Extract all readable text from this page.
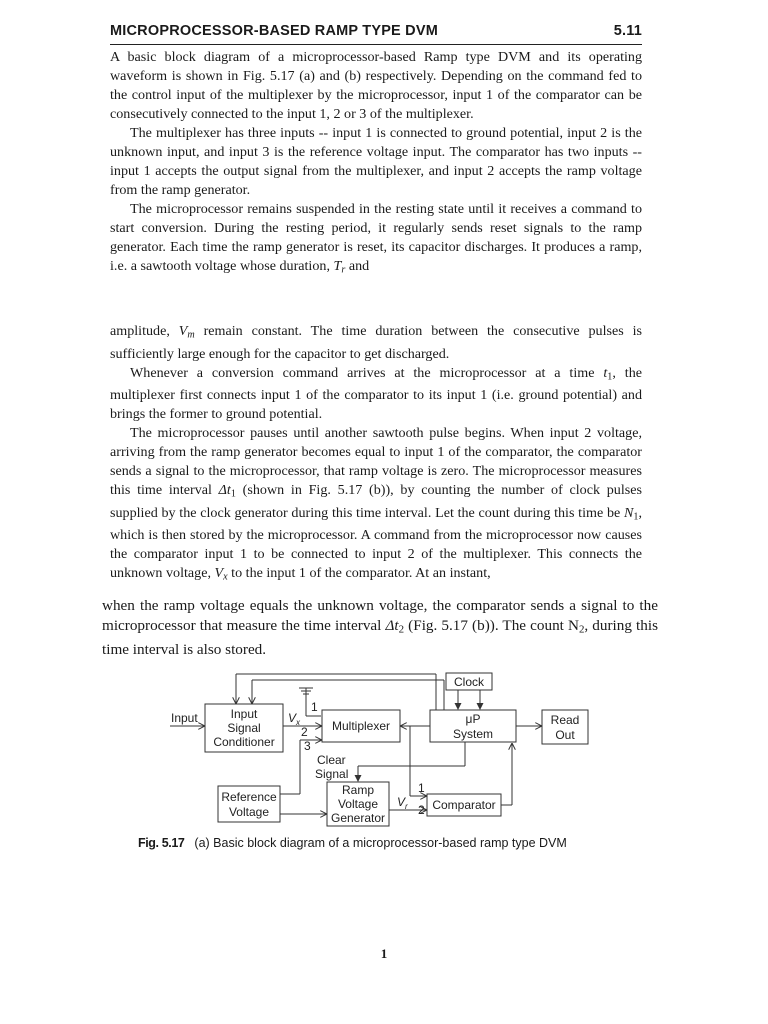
MICROPROCESSOR-BASED RAMP TYPE DVM	5.11

A basic block diagram of a microprocessor-based Ramp type DVM and its operating waveform is shown in Fig. 5.17 (a) and (b) respectively. Depending on the command fed to the control input of the multiplexer by the microprocessor, input 1 of the comparator can be consecutively connected to the input 1, 2 or 3 of the multiplexer.

The multiplexer has three inputs -- input 1 is connected to ground potential, input 2 is the unknown input, and input 3 is the reference voltage input. The comparator has two inputs -- input 1 accepts the output signal from the multiplexer, and input 2 accepts the ramp voltage from the ramp generator.

The microprocessor remains suspended in the resting state until it receives a command to start conversion. During the resting period, it regularly sends reset signals to the ramp generator. Each time the ramp generator is reset, its capacitor discharges. It produces a ramp, i.e. a sawtooth voltage whose duration, $T_r$ and

amplitude, $V_m$ remain constant. The time duration between the consecutive pulses is sufficiently large enough for the capacitor to get discharged.

Whenever a conversion command arrives at the microprocessor at a time $t_1$, the multiplexer first connects input 1 of the comparator to its input 1 (i.e. ground potential) and brings the former to ground potential.

The microprocessor pauses until another sawtooth pulse begins. When input 2 voltage, arriving from the ramp generator becomes equal to input 1 of the comparator, the comparator sends a signal to the microprocessor, that ramp voltage is zero. The microprocessor measures this time interval $\Delta t_1$ (shown in Fig. 5.17 (b)), by counting the number of clock pulses supplied by the clock generator during this time interval. Let the count during this time be $N_1$, which is then stored by the microprocessor. A command from the microprocessor now causes the comparator input 1 to be connected to input 2 of the multiplexer. This connects the unknown voltage, $V_x$ to the input 1 of the comparator. At an instant,

when the ramp voltage equals the unknown voltage, the comparator sends a signal to the microprocessor that measure the time interval $\Delta t_2$ (Fig. 5.17 (b)). The count $N_2$, during this time interval is also stored.

Input	Input
Signal
Conditioner
$V_x$	Multiplexer
1
2
3
Reference
Voltage
Ramp
Voltage
Generator
Clear
Signal
$V_r$
1
2 Comparator
Clock
μP
System
Read
Out
Fig. 5.17 (a) Basic block diagram of a microprocessor-based ramp type DVM
1
